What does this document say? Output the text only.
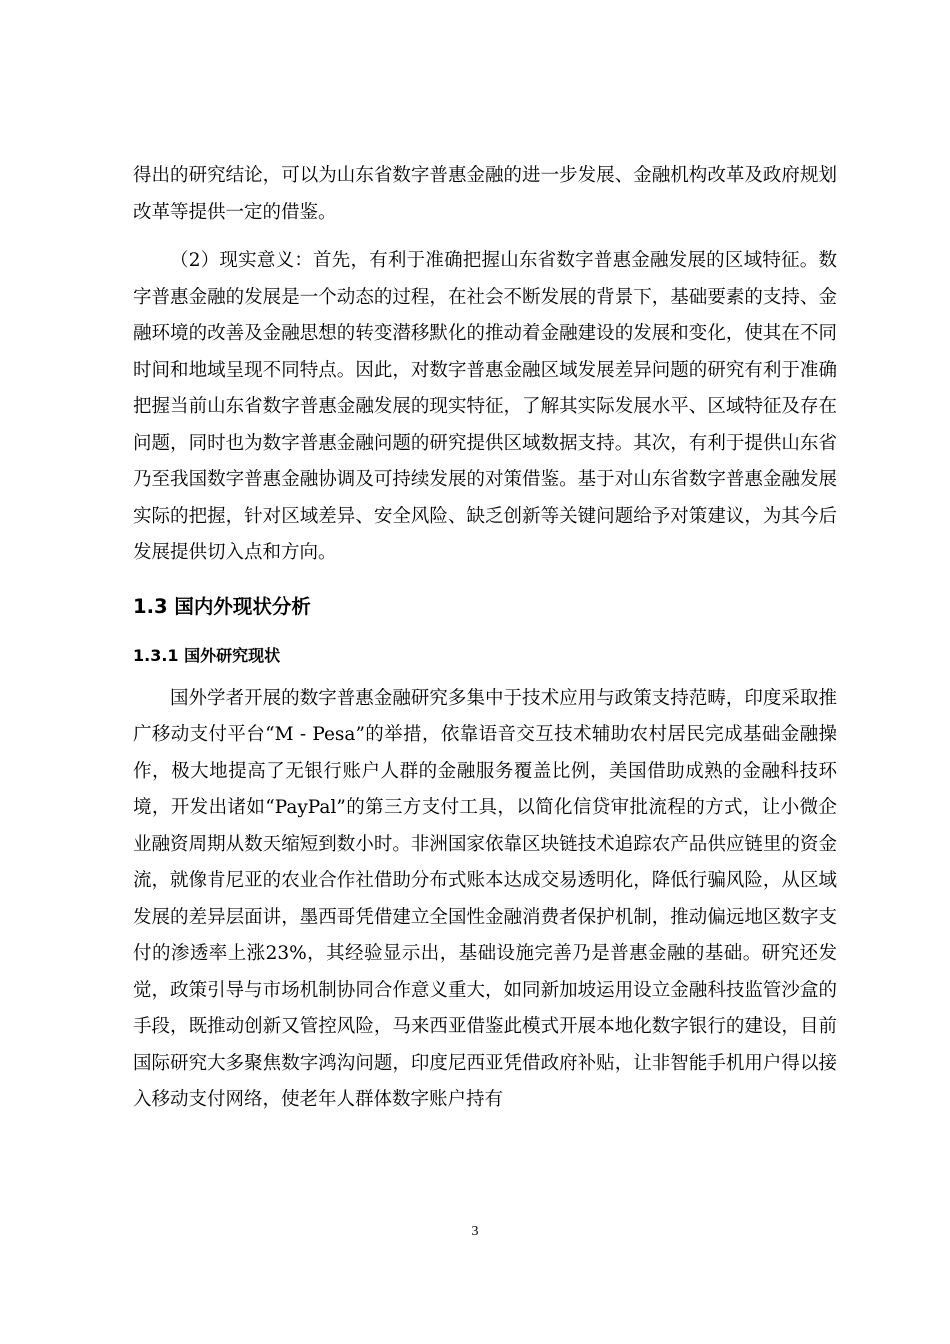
得出的研究结论，可以为山东省数字普惠金融的进一步发展、金融机构改革及政府规划改革等提供一定的借鉴。

（2）现实意义：首先，有利于准确把握山东省数字普惠金融发展的区域特征。数字普惠金融的发展是一个动态的过程，在社会不断发展的背景下，基础要素的支持、金融环境的改善及金融思想的转变潜移默化的推动着金融建设的发展和变化，使其在不同时间和地域呈现不同特点。因此，对数字普惠金融区域发展差异问题的研究有利于准确把握当前山东省数字普惠金融发展的现实特征，了解其实际发展水平、区域特征及存在问题，同时也为数字普惠金融问题的研究提供区域数据支持。其次，有利于提供山东省乃至我国数字普惠金融协调及可持续发展的对策借鉴。基于对山东省数字普惠金融发展实际的把握，针对区域差异、安全风险、缺乏创新等关键问题给予对策建议，为其今后发展提供切入点和方向。

1.3 国内外现状分析
1.3.1 国外研究现状

国外学者开展的数字普惠金融研究多集中于技术应用与政策支持范畴，印度采取推广移动支付平台“M - Pesa”的举措，依靠语音交互技术辅助农村居民完成基础金融操作，极大地提高了无银行账户人群的金融服务覆盖比例，美国借助成熟的金融科技环境，开发出诸如“PayPal”的第三方支付工具，以简化信贷审批流程的方式，让小微企业融资周期从数天缩短到数小时。非洲国家依靠区块链技术追踪农产品供应链里的资金流，就像肯尼亚的农业合作社借助分布式账本达成交易透明化，降低行骗风险，从区域发展的差异层面讲，墨西哥凭借建立全国性金融消费者保护机制，推动偏远地区数字支付的渗透率上涨23%，其经验显示出，基础设施完善乃是普惠金融的基础。研究还发觉，政策引导与市场机制协同合作意义重大，如同新加坡运用设立金融科技监管沙盒的手段，既推动创新又管控风险，马来西亚借鉴此模式开展本地化数字银行的建设，目前国际研究大多聚焦数字鸿沟问题，印度尼西亚凭借政府补贴，让非智能手机用户得以接入移动支付网络，使老年人群体数字账户持有

3
